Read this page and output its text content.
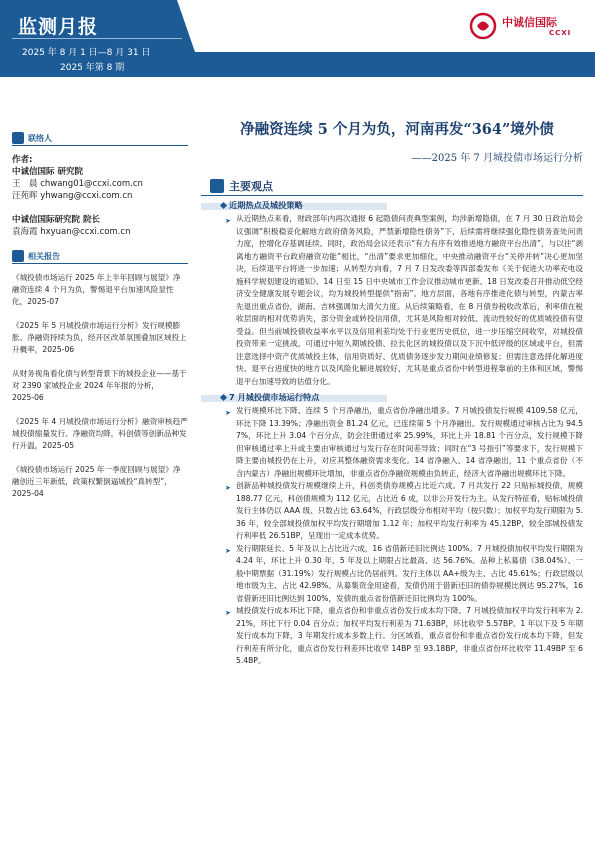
监测月报
2025 年 8 月 1 日—8 月 31 日
2025 年第 8 期
中诚信国际
CCXI
联络人
作者:
中诚信国际 研究院
王　晨 chwang01@ccxi.com.cn
汪苑晖 yhwang@ccxi.com.cn
中诚信国际研究院 院长
袁海霞 hxyuan@ccxi.com.cn
相关报告
《城投债市场运行 2025 年上半年回顾与展望》净融资连续 4 个月为负，警惕退平台加速风险显性化，2025-07
《2025 年 5 月城投债市场运行分析》发行规模膨胀、净融资持续为负，经开区改革氛围叠加区域投上升概率，2025-06
从财务视角看化债与转型背景下的城投企业——基于对 2390 家城投企业 2024 年年报的分析，2025-06
《2025 年 4 月城投债市场运行分析》融资审核趋严城投债缩量发行、净融资均降，科创债等创新品种发行升温，2025-05
《城投债市场运行 2025 年一季度回顾与展望》净融创近三年新低，政策权繁倒逼城投“真转型”，2025-04
净融资连续 5 个月为负，河南再发“364”境外债
——2025 年 7 月城投债市场运行分析
主要观点
近期热点及城投策略
➤ 从近期热点来看，财政部年内再次通报 6 起隐债问责典型案例，均涉新增隐债，在 7 月 30 日政治局会议强调“积极稳妥化解地方政府债务风险，严禁新增隐性债务”下，后续需将继续强化隐性债务查处问责力度，控增化存基调延续。同时，政治局会议还表示“有力有序有效推进地方融资平台出清”，与以往“剥离地方融资平台政府融资功能”相比，“出清”要求更加细化，中央推动融资平台“关停并转”决心更加坚决，后续退平台将进一步加速；从转型方向看，7 月 7 日发改委等四部委发布《关于促进大功率充电设施科学规划建设的通知》、14 日至 15 日中央城市工作会议推动城市更新、18 日发改委召开推动低空经济安全健康发展专题会议，均为城投转型提供“指南”。地方层面，各地有序推进化债与转型，内蒙古率先退出重点省份，湖南、吉林强调加大清欠力度。从后续策略看，在 8 月债券税收改革后，利率债在税收层面的相对优势消失，部分资金或转投信用债，尤其是风险相对较低、流动性较好的优质城投债有望受益。但当前城投债收益率水平以及信用利差均处于行业更历史低位，进一步压缩空间收窄，对城投债投资带来一定挑战，可通过中短久期城投债、拉长化区的城投债以及下沉中低评级的区域或平台，但需注意选择中资产优质城投主体，信用资质好、优质债务逐步发力期间业绩修复；但需注意选择化解进度快、退平台进度快的地方以及风险化解进展较好，尤其是重点省份中转型进程靠前的主体和区域，警惕退平台加速导致的估值分化。
7 月城投债市场运行特点
➤ 发行规模环比下降、连续 5 个月净融出，重点省份净融出增多。7 月城投债发行规模 4109.58 亿元，环比下降 13.39%；净融出资金 81.24 亿元，已连续第 5 个月净融出。发行规模通过审核占比为 94.57%，环比上升 3.04 个百分点，防会注册通过率 25.99%，环比上升 18.81 个百分点，发行规模下降但审核通过率上升或主要由审核通过与发行存在时间差导致；同时在“3 号指引”等要求下，发行规模下降主要由城投仍在上升，对应其整体融资需求变化。14 省净融入、14 省净融出，11 个重点省份（不含内蒙古）净融出规模环比增加，非重点省份净融资规模由负转正，经济大省净融出规模环比下降。
➤ 创新品种城投债发行规模继续上升，科创类债券规模占比近六成。7 月共发行 22 只贴标城投债，规模 188.77 亿元，科创债规模为 112 亿元，占比近 6 成，以非公开发行为主。从发行特征看，贴标城投债发行主体仍以 AAA 级、只数占比 63.64%，行政层级分布相对平均（按只数）；加权平均发行期限为 5.36 年，较全部城投债加权平均发行期增加 1.12 年；加权平均发行利率为 45.12BP，较全部城投债发行利率低 26.51BP，呈现出一定成本优势。
➤ 发行期限延长、5 年及以上占比近六成，16 省借新还旧比例达 100%。7 月城投债加权平均发行期限为 4.24 年，环比上升 0.30 年，5 年及以上期限占比最高、达 56.76%。品种上私募债（38.04%）、一般中期票据（31.19%）发行规模占比仍居前列。发行主体以 AA+级为主、占比 45.61%；行政层级以地市级为主、占比 42.98%。从募集资金用途看，发债仍用于借新还旧的债券规模比例达 95.27%，16 省借新还旧比例达到 100%，发债的重点省份借新还旧比例均为 100%。
➤ 城投债发行成本环比下降，重点省份和非重点省份发行成本均下降。7 月城投债加权平均发行利率为 2.21%，环比下行 0.04 百分点；加权平均发行利差为 71.63BP，环比收窄 5.57BP。1 年以下及 5 年期发行成本均下降，3 年期发行成本多数上行。分区域看，重点省份和非重点省份发行成本均下降，但发行利差有所分化，重点省份发行利差环比收窄 14BP 至 93.18BP，非重点省份环比收窄 11.49BP 至 65.4BP。
